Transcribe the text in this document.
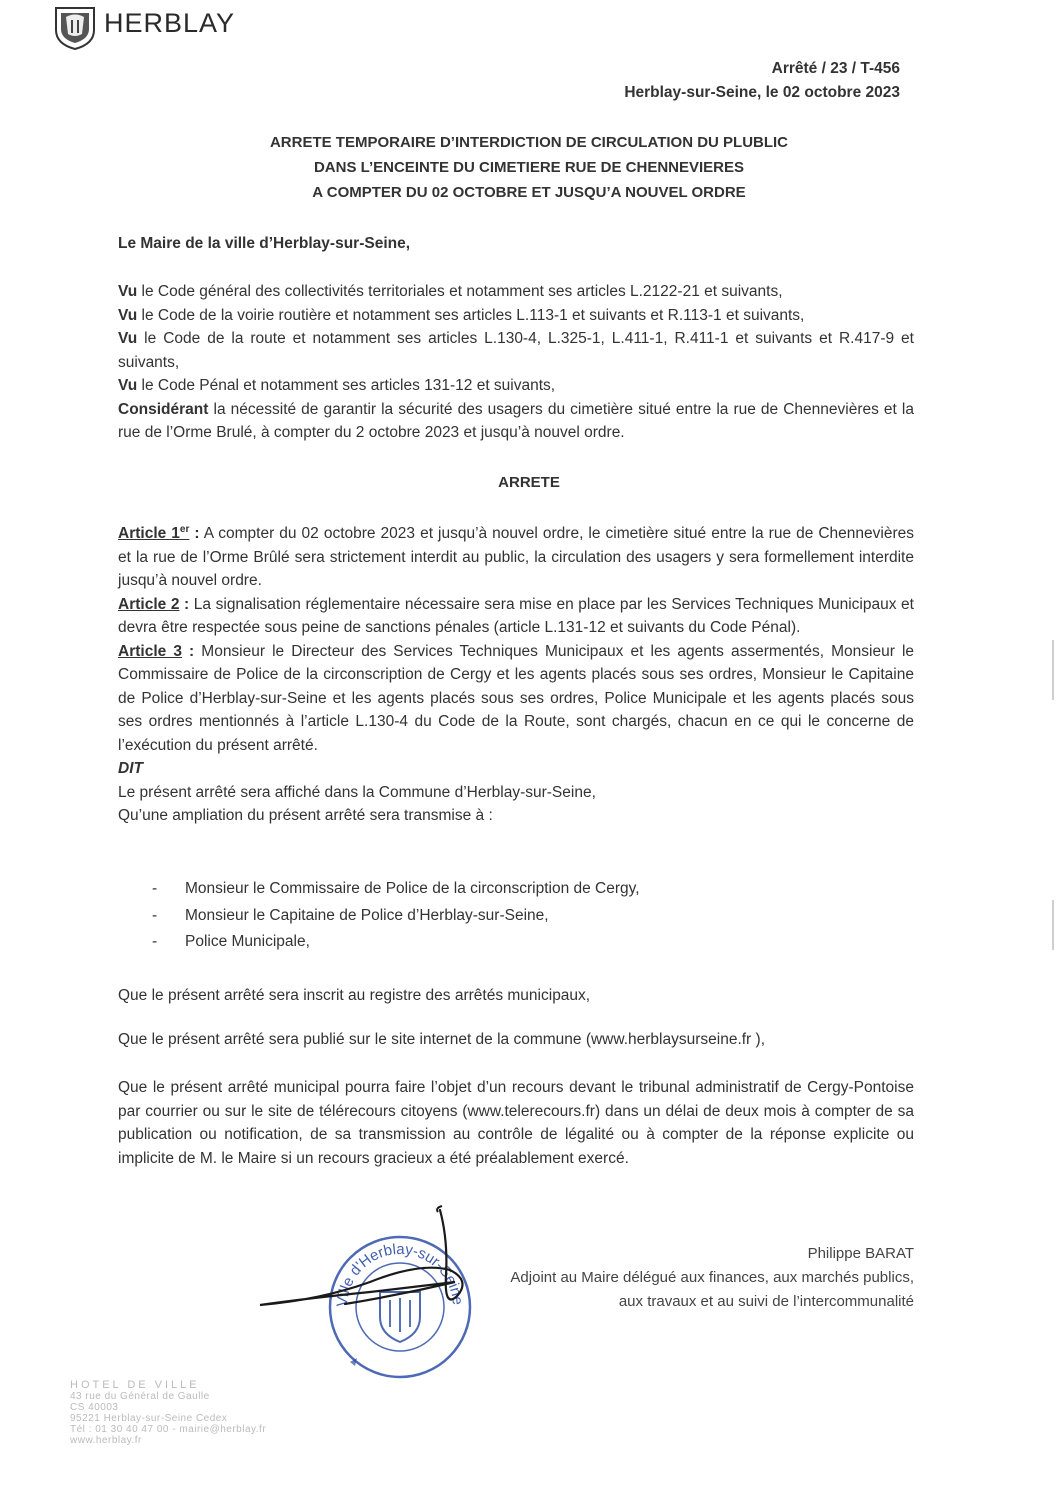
HERBLAY
Arrêté / 23 / T-456
Herblay-sur-Seine, le 02 octobre 2023
ARRETE TEMPORAIRE D’INTERDICTION DE CIRCULATION DU PLUBLIC
DANS L’ENCEINTE DU CIMETIERE RUE DE CHENNEVIERES
A COMPTER DU 02 OCTOBRE ET JUSQU’A NOUVEL ORDRE
Le Maire de la ville d’Herblay-sur-Seine,

Vu le Code général des collectivités territoriales et notamment ses articles L.2122-21 et suivants,

Vu le Code de la voirie routière et notamment ses articles L.113-1 et suivants et R.113-1 et suivants,

Vu le Code de la route et notamment ses articles L.130-4, L.325-1, L.411-1, R.411-1 et suivants et R.417-9 et suivants,

Vu le Code Pénal et notamment ses articles 131-12 et suivants,

Considérant la nécessité de garantir la sécurité des usagers du cimetière situé entre la rue de Chennevières et la rue de l’Orme Brulé, à compter du 2 octobre 2023 et jusqu’à nouvel ordre.

ARRETE

Article 1er : A compter du 02 octobre 2023 et jusqu’à nouvel ordre, le cimetière situé entre la rue de Chennevières et la rue de l’Orme Brûlé sera strictement interdit au public, la circulation des usagers y sera formellement interdite jusqu’à nouvel ordre.

Article 2 : La signalisation réglementaire nécessaire sera mise en place par les Services Techniques Municipaux et devra être respectée sous peine de sanctions pénales (article L.131-12 et suivants du Code Pénal).

Article 3 : Monsieur le Directeur des Services Techniques Municipaux et les agents assermentés, Monsieur le Commissaire de Police de la circonscription de Cergy et les agents placés sous ses ordres, Monsieur le Capitaine de Police d’Herblay-sur-Seine et les agents placés sous ses ordres, Police Municipale et les agents placés sous ses ordres mentionnés à l’article L.130-4 du Code de la Route, sont chargés, chacun en ce qui le concerne de l’exécution du présent arrêté.

DIT

Le présent arrêté sera affiché dans la Commune d’Herblay-sur-Seine,

Qu’une ampliation du présent arrêté sera transmise à :

- Monsieur le Commissaire de Police de la circonscription de Cergy,
- Monsieur le Capitaine de Police d’Herblay-sur-Seine,
- Police Municipale,
Que le présent arrêté sera inscrit au registre des arrêtés municipaux,
Que le présent arrêté sera publié sur le site internet de la commune (www.herblaysurseine.fr ),

Que le présent arrêté municipal pourra faire l’objet d’un recours devant le tribunal administratif de Cergy-Pontoise par courrier ou sur le site de télérecours citoyens (www.telerecours.fr) dans un délai de deux mois à compter de sa publication ou notification, de sa transmission au contrôle de légalité ou à compter de la réponse explicite ou implicite de M. le Maire si un recours gracieux a été préalablement exercé.

Ville d'Herblay-sur-Seine
Philippe BARAT
Adjoint au Maire délégué aux finances, aux marchés publics,
aux travaux et au suivi de l’intercommunalité
HOTEL DE VILLE
43 rue du Général de Gaulle
CS 40003
95221 Herblay-sur-Seine Cedex
Tél : 01 30 40 47 00 - mairie@herblay.fr
www.herblay.fr
